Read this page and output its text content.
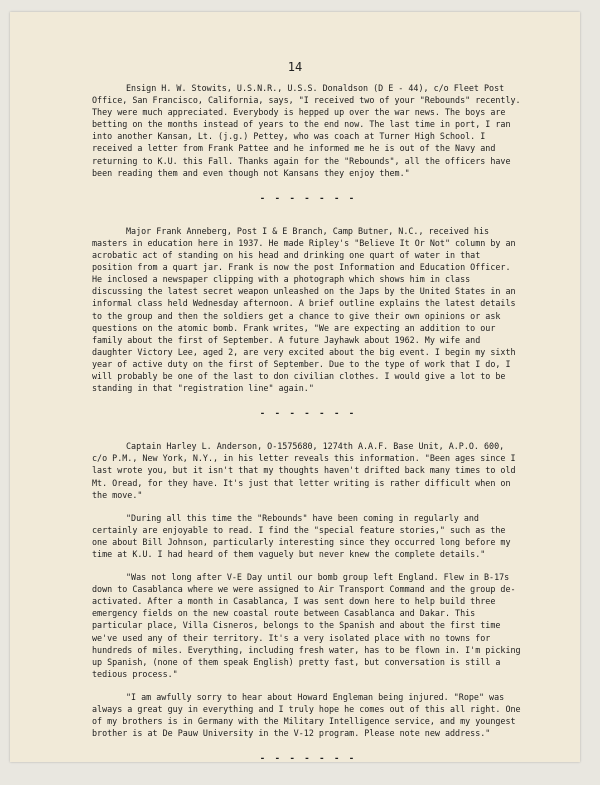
14

Ensign H. W. Stowits, U.S.N.R., U.S.S. Donaldson (D E - 44), c/o Fleet Post Office, San Francisco, California, says, "I received two of your "Rebounds" recently. They were much appreciated. Everybody is hepped up over the war news. The boys are betting on the months instead of years to the end now. The last time in port, I ran into another Kansan, Lt. (j.g.) Pettey, who was coach at Turner High School. I received a letter from Frank Pattee and he informed me he is out of the Navy and returning to K.U. this Fall. Thanks again for the "Rebounds", all the officers have been reading them and even though not Kansans they enjoy them."

- - - - - - -

Major Frank Anneberg, Post I & E Branch, Camp Butner, N.C., received his masters in education here in 1937. He made Ripley's "Believe It Or Not" column by an acrobatic act of standing on his head and drinking one quart of water in that position from a quart jar. Frank is now the post Information and Education Officer. He inclosed a newspaper clipping with a photograph which shows him in class discussing the latest secret weapon unleashed on the Japs by the United States in an informal class held Wednesday afternoon. A brief outline explains the latest details to the group and then the soldiers get a chance to give their own opinions or ask questions on the atomic bomb. Frank writes, "We are expecting an addition to our family about the first of September. A future Jayhawk about 1962. My wife and daughter Victory Lee, aged 2, are very excited about the big event. I begin my sixth year of active duty on the first of September. Due to the type of work that I do, I will probably be one of the last to don civilian clothes. I would give a lot to be standing in that "registration line" again."

- - - - - - -

Captain Harley L. Anderson, O-1575680, 1274th A.A.F. Base Unit, A.P.O. 600, c/o P.M., New York, N.Y., in his letter reveals this information. "Been ages since I last wrote you, but it isn't that my thoughts haven't drifted back many times to old Mt. Oread, for they have. It's just that letter writing is rather difficult when on the move."

"During all this time the "Rebounds" have been coming in regularly and certainly are enjoyable to read. I find the "special feature stories," such as the one about Bill Johnson, particularly interesting since they occurred long before my time at K.U. I had heard of them vaguely but never knew the complete details."

"Was not long after V-E Day until our bomb group left England. Flew in B-17s down to Casablanca where we were assigned to Air Transport Command and the group de-activated. After a month in Casablanca, I was sent down here to help build three emergency fields on the new coastal route between Casablanca and Dakar. This particular place, Villa Cisneros, belongs to the Spanish and about the first time we've used any of their territory. It's a very isolated place with no towns for hundreds of miles. Everything, including fresh water, has to be flown in. I'm picking up Spanish, (none of them speak English) pretty fast, but conversation is still a tedious process."

"I am awfully sorry to hear about Howard Engleman being injured. "Rope" was always a great guy in everything and I truly hope he comes out of this all right. One of my brothers is in Germany with the Military Intelligence service, and my youngest brother is at De Pauw University in the V-12 program. Please note new address."

- - - - - - -
